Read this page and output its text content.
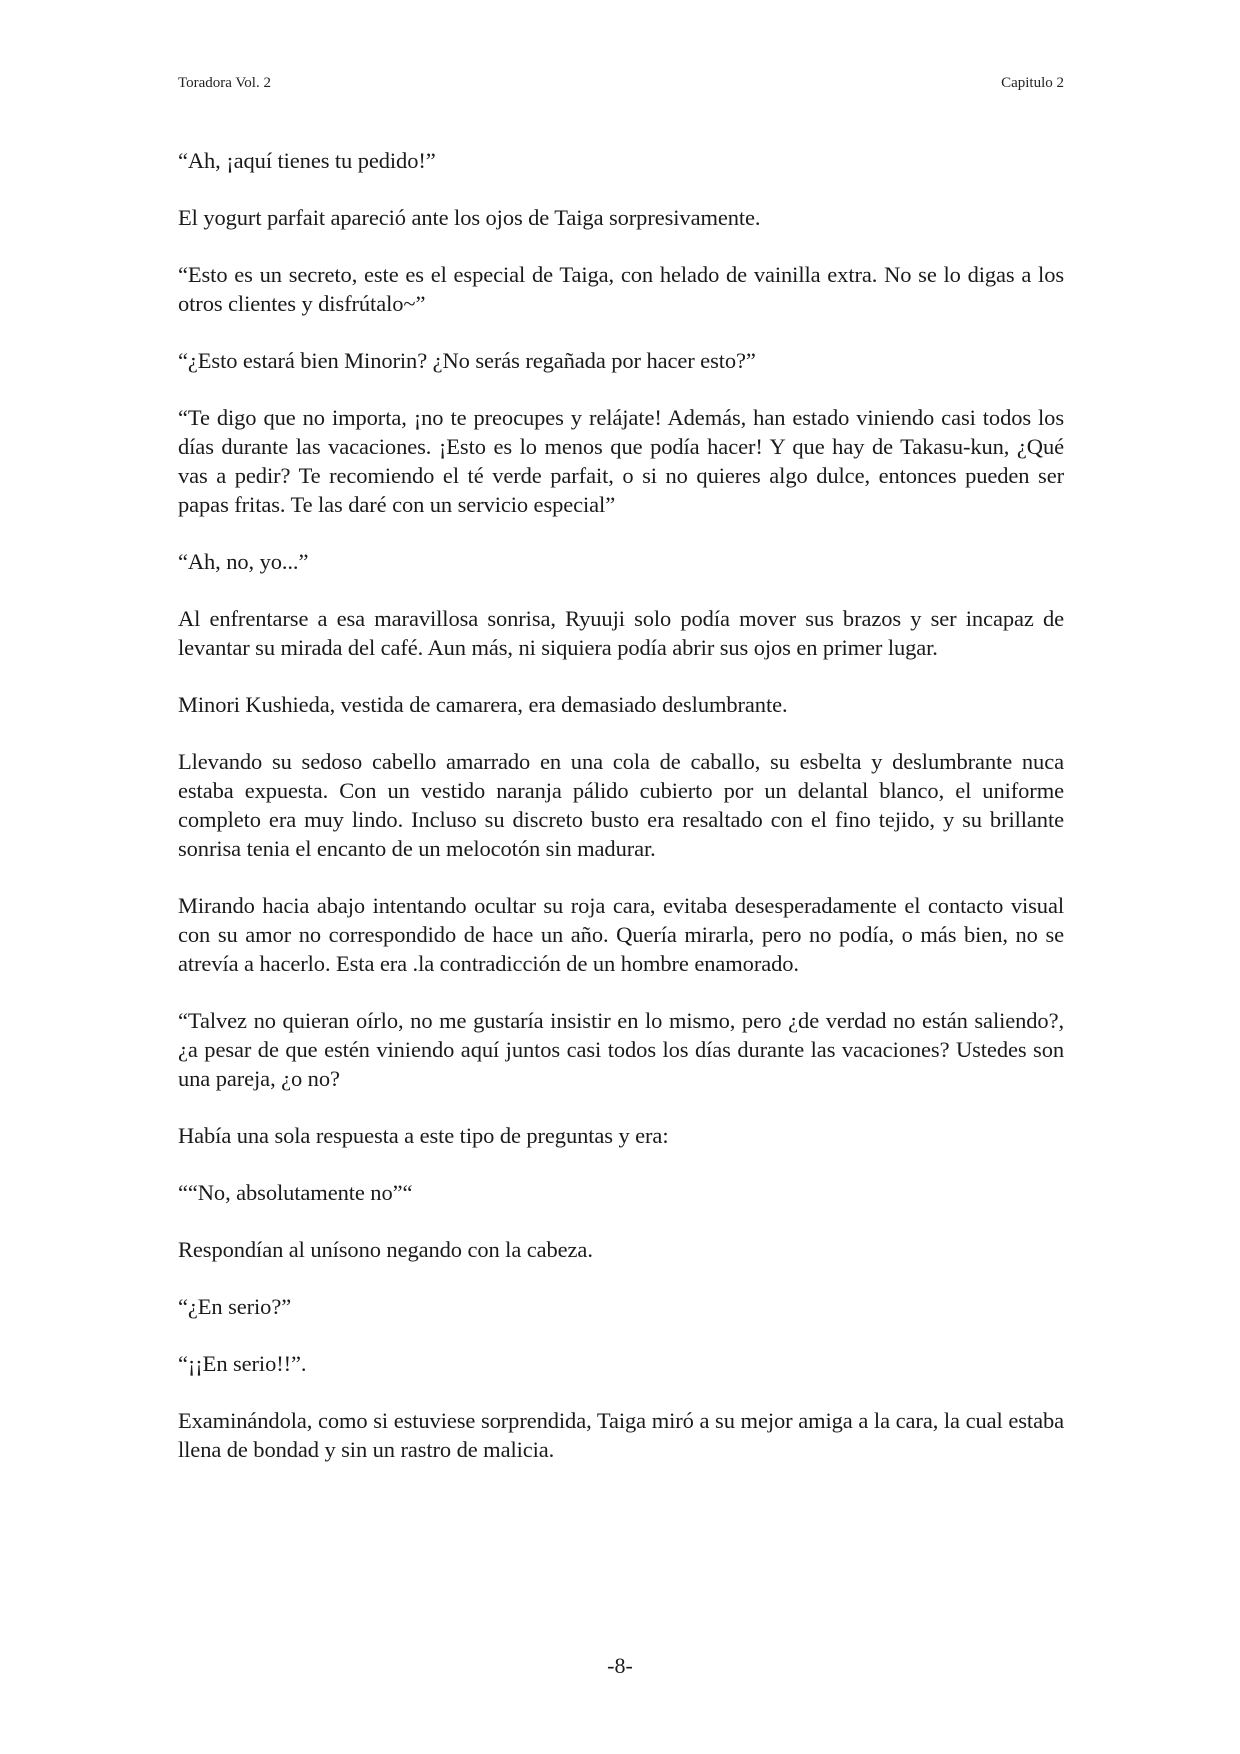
Toradora Vol. 2	Capitulo 2

“Ah, ¡aquí tienes tu pedido!”

El yogurt parfait apareció ante los ojos de Taiga sorpresivamente.

“Esto es un secreto, este es el especial de Taiga, con helado de vainilla extra. No se lo digas a los otros clientes y disfrútalo~”

“¿Esto estará bien Minorin? ¿No serás regañada por hacer esto?”

“Te digo que no importa, ¡no te preocupes y relájate! Además, han estado viniendo casi todos los días durante las vacaciones. ¡Esto es lo menos que podía hacer! Y que hay de Takasu-kun, ¿Qué vas a pedir? Te recomiendo el té verde parfait, o si no quieres algo dulce, entonces pueden ser papas fritas. Te las daré con un servicio especial”

“Ah, no, yo...”

Al enfrentarse a esa maravillosa sonrisa, Ryuuji solo podía mover sus brazos y ser incapaz de levantar su mirada del café. Aun más, ni siquiera podía abrir sus ojos en primer lugar.

Minori Kushieda, vestida de camarera, era demasiado deslumbrante.

Llevando su sedoso cabello amarrado en una cola de caballo, su esbelta y deslumbrante nuca estaba expuesta. Con un vestido naranja pálido cubierto por un delantal blanco, el uniforme completo era muy lindo. Incluso su discreto busto era resaltado con el fino tejido, y su brillante sonrisa tenia el encanto de un melocotón sin madurar.

Mirando hacia abajo intentando ocultar su roja cara, evitaba desesperadamente el contacto visual con su amor no correspondido de hace un año. Quería mirarla, pero no podía, o más bien, no se atrevía a hacerlo. Esta era .la contradicción de un hombre enamorado.

“Talvez no quieran oírlo, no me gustaría insistir en lo mismo, pero ¿de verdad no están saliendo?, ¿a pesar de que estén viniendo aquí juntos casi todos los días durante las vacaciones? Ustedes son una pareja, ¿o no?

Había una sola respuesta a este tipo de preguntas y era:

““No, absolutamente no”“

Respondían al unísono negando con la cabeza.

“¿En serio?”

“¡¡En serio!!”.

Examinándola, como si estuviese sorprendida, Taiga miró a su mejor amiga a la cara, la cual estaba llena de bondad y sin un rastro de malicia.

-8-
